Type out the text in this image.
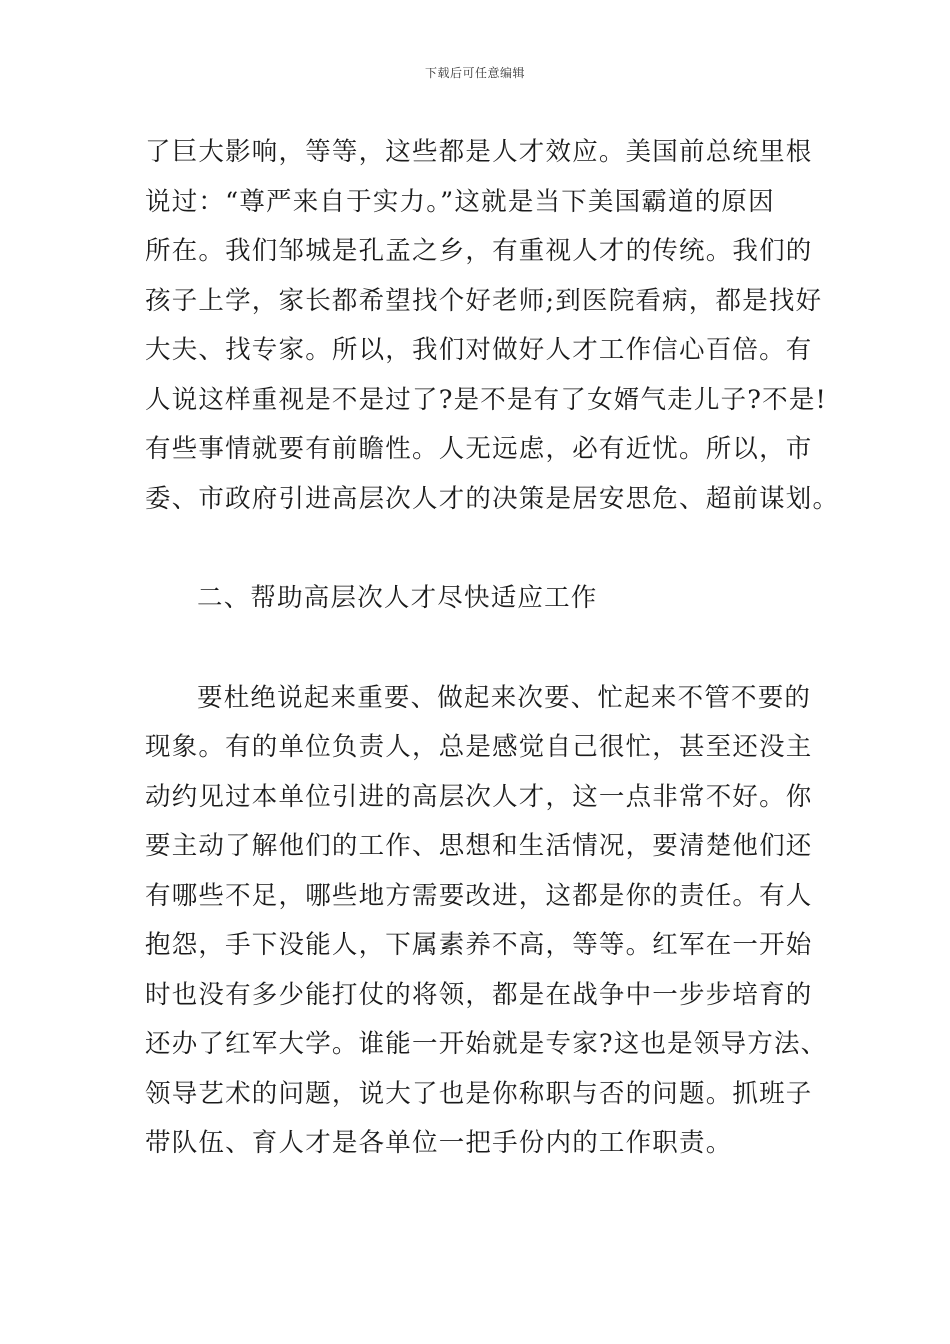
下载后可任意编辑
了巨大影响，等等，这些都是人才效应。美国前总统里根
说过：“尊严来自于实力。”这就是当下美国霸道的原因
所在。我们邹城是孔孟之乡，有重视人才的传统。我们的
孩子上学，家长都希望找个好老师;到医院看病，都是找好
大夫、找专家。所以，我们对做好人才工作信心百倍。有
人说这样重视是不是过了?是不是有了女婿气走儿子?不是!
有些事情就要有前瞻性。人无远虑，必有近忧。所以，市
委、市政府引进高层次人才的决策是居安思危、超前谋划。
二、帮助高层次人才尽快适应工作
要杜绝说起来重要、做起来次要、忙起来不管不要的
现象。有的单位负责人，总是感觉自己很忙，甚至还没主
动约见过本单位引进的高层次人才，这一点非常不好。你
要主动了解他们的工作、思想和生活情况，要清楚他们还
有哪些不足，哪些地方需要改进，这都是你的责任。有人
抱怨，手下没能人，下属素养不高，等等。红军在一开始
时也没有多少能打仗的将领，都是在战争中一步步培育的
还办了红军大学。谁能一开始就是专家?这也是领导方法、
领导艺术的问题，说大了也是你称职与否的问题。抓班子
带队伍、育人才是各单位一把手份内的工作职责。
